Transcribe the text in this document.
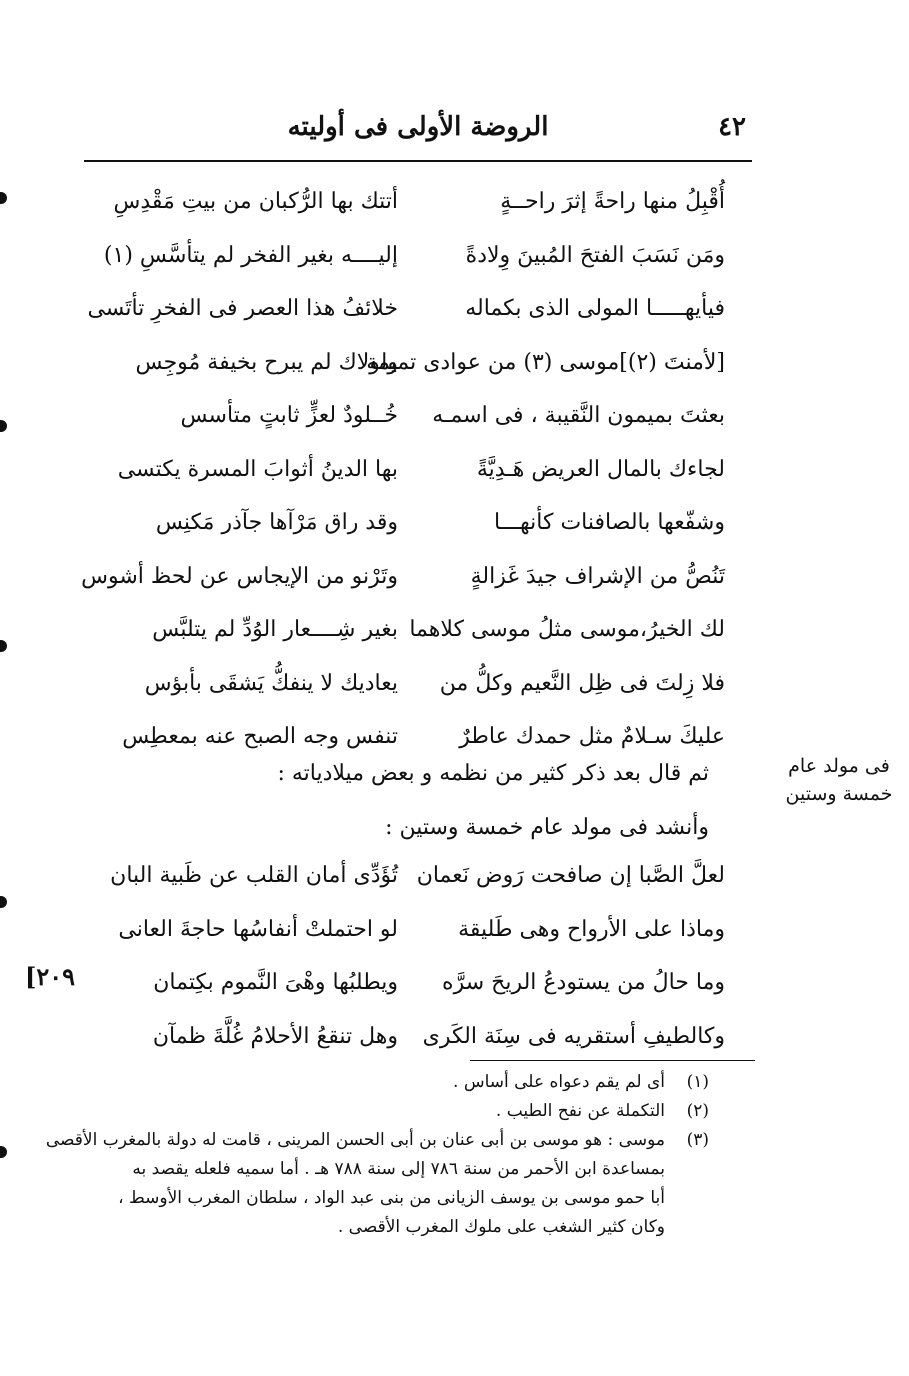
٤٢
الروضة الأولى فى أوليته
أُقْبِلُ منها راحةً إثرَ راحــةٍ
أتتك بها الرُّكبان من بيتِ مَقْدِسِ
ومَن نَسَبَ الفتحَ المُبينَ وِلادةً
إليــــه بغير الفخر لم يتأسَّسِ (١)
فيأيهـــــا المولى الذى بكماله
خلائفُ هذا العصر فى الفخرِ تأتَسى
[لأمنتَ (٢)]موسى (٣) من عوادى تميمة
ولولاك لم يبرح بخيفة مُوجِس
بعثتَ بميمون النَّقيبة ، فى اسمـه
خُــلودٌ لعزٍّ ثابتٍ متأسس
لجاءك بالمال العريض هَـدِيَّةً
بها الدينُ أثوابَ المسرة يكتسى
وشفّعها بالصافنات كأنهـــا
وقد راق مَرْآها جآذر مَكنِس
تَنُصُّ من الإشراف جيدَ غَزالةٍ
وتَرْنو من الإيجاس عن لحظ أشوس
لك الخيرُ،موسى مثلُ موسى كلاهما
بغير شِــــعار الوُدِّ لم يتلبَّس
فلا زِلتَ فى ظِل النَّعيم وكلُّ من
يعاديك لا ينفكُّ يَشقَى بأبؤس
عليكَ سـلامٌ مثل حمدك عاطرٌ
تنفس وجه الصبح عنه بمعطِس
ثم قال بعد ذكر كثير من نظمه و بعض ميلادياته :
وأنشد فى مولد عام خمسة وستين :
فى مولد عام
خمسة وستين
لعلَّ الصَّبا إن صافحت رَوض نَعمان
تُؤَدِّى أمان القلب عن ظَبية البان
وماذا على الأرواح وهى طَليقة
لو احتملتْ أنفاسُها حاجةَ العانى
وما حالُ من يستودعُ الريحَ سرَّه
ويطلبُها وهْىَ النَّموم بكِتمان
وكالطيفِ أستقريه فى سِنَة الكَرى
وهل تنقعُ الأحلامُ غُلَّةَ ظمآن
[٢٠٩
(١)أى لم يقم دعواه على أساس .
(٢)التكملة عن نفح الطيب .
(٣)موسى : هو موسى بن أبى عنان بن أبى الحسن المرينى ، قامت له دولة بالمغرب الأقصى
بمساعدة ابن الأحمر من سنة ٧٨٦ إلى سنة ٧٨٨ هـ . أما سميه فلعله يقصد به
أبا حمو موسى بن يوسف الزيانى من بنى عبد الواد ، سلطان المغرب الأوسط ،
وكان كثير الشغب على ملوك المغرب الأقصى .
